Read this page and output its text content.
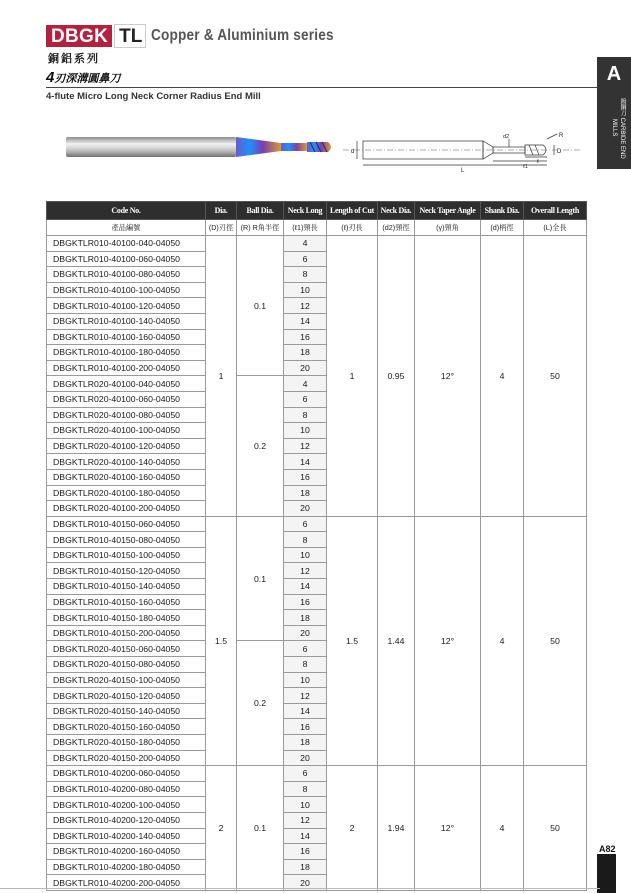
DBGK TL Copper & Aluminium series
銅鋁系列
4刃深溝圓鼻刀
4-flute Micro Long Neck Corner Radius End Mill
A
鎢鋼刀 CARBIDE END MILLS
d
d2
L
ℓ1
ℓ
D
R
Code No.	Dia.	Ball Dia.	Neck Long	Length of Cut	Neck Dia.	Neck Taper Angle	Shank Dia.	Overall Length
產品編號	(D)刃徑	(R) R角半徑	(ℓ1)頸長	(ℓ)刃長	(d2)頸徑	(γ)頸角	(d)柄徑	(L)全長
DBGKTLR010-40100-040-04050	1	0.1	4	1	0.95	12°	4	50
DBGKTLR010-40100-060-04050			6					
DBGKTLR010-40100-080-04050			8					
DBGKTLR010-40100-100-04050			10					
DBGKTLR010-40100-120-04050			12					
DBGKTLR010-40100-140-04050			14					
DBGKTLR010-40100-160-04050			16					
DBGKTLR010-40100-180-04050			18					
DBGKTLR010-40100-200-04050			20					
DBGKTLR020-40100-040-04050		0.2	4					
DBGKTLR020-40100-060-04050			6					
DBGKTLR020-40100-080-04050			8					
DBGKTLR020-40100-100-04050			10					
DBGKTLR020-40100-120-04050			12					
DBGKTLR020-40100-140-04050			14					
DBGKTLR020-40100-160-04050			16					
DBGKTLR020-40100-180-04050			18					
DBGKTLR020-40100-200-04050			20					
DBGKTLR010-40150-060-04050	1.5	0.1	6	1.5	1.44	12°	4	50
DBGKTLR010-40150-080-04050			8					
DBGKTLR010-40150-100-04050			10					
DBGKTLR010-40150-120-04050			12					
DBGKTLR010-40150-140-04050			14					
DBGKTLR010-40150-160-04050			16					
DBGKTLR010-40150-180-04050			18					
DBGKTLR010-40150-200-04050			20					
DBGKTLR020-40150-060-04050		0.2	6					
DBGKTLR020-40150-080-04050			8					
DBGKTLR020-40150-100-04050			10					
DBGKTLR020-40150-120-04050			12					
DBGKTLR020-40150-140-04050			14					
DBGKTLR020-40150-160-04050			16					
DBGKTLR020-40150-180-04050			18					
DBGKTLR020-40150-200-04050			20					
DBGKTLR010-40200-060-04050	2	0.1	6	2	1.94	12°	4	50
DBGKTLR010-40200-080-04050			8					
DBGKTLR010-40200-100-04050			10					
DBGKTLR010-40200-120-04050			12					
DBGKTLR010-40200-140-04050			14					
DBGKTLR010-40200-160-04050			16					
DBGKTLR010-40200-180-04050			18					
DBGKTLR010-40200-200-04050			20					
A82
